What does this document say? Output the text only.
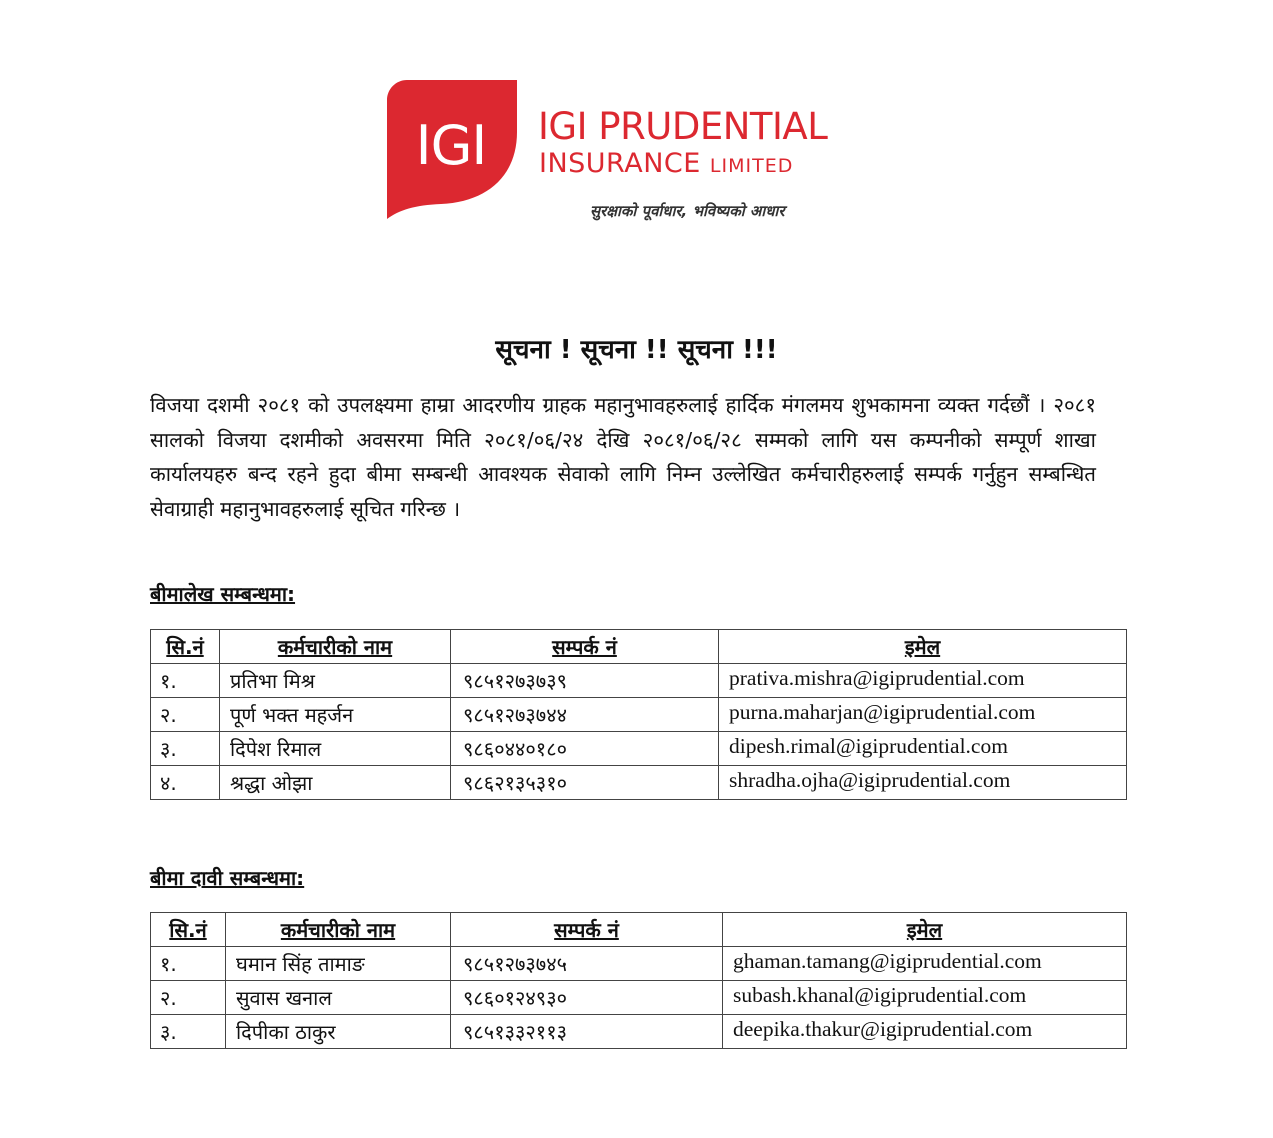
IGI IGI PRUDENTIAL
INSURANCE LIMITED
सुरक्षाको पूर्वाधार, भविष्यको आधार
सूचना ! सूचना !! सूचना !!!
विजया दशमी २०८१ को उपलक्ष्यमा हाम्रा आदरणीय ग्राहक महानुभावहरुलाई हार्दिक मंगलमय शुभकामना व्यक्त गर्दछौं । २०८१ सालको विजया दशमीको अवसरमा मिति २०८१/०६/२४ देखि २०८१/०६/२८ सम्मको लागि यस कम्पनीको सम्पूर्ण शाखा कार्यालयहरु बन्द रहने हुदा बीमा सम्बन्धी आवश्यक सेवाको लागि निम्न उल्लेखित कर्मचारीहरुलाई सम्पर्क गर्नुहुन सम्बन्धित सेवाग्राही महानुभावहरुलाई सूचित गरिन्छ ।
बीमालेख सम्बन्धमा:
सि.नं	कर्मचारीको नाम	सम्पर्क नं	इमेल
१.	प्रतिभा मिश्र	९८५१२७३७३९	prativa.mishra@igiprudential.com
२.	पूर्ण भक्त महर्जन	९८५१२७३७४४	purna.maharjan@igiprudential.com
३.	दिपेश रिमाल	९८६०४४०१८०	dipesh.rimal@igiprudential.com
४.	श्रद्धा ओझा	९८६२१३५३१०	shradha.ojha@igiprudential.com
बीमा दावी सम्बन्धमा:
सि.नं	कर्मचारीको नाम	सम्पर्क नं	इमेल
१.	घमान सिंह तामाङ	९८५१२७३७४५	ghaman.tamang@igiprudential.com
२.	सुवास खनाल	९८६०१२४९३०	subash.khanal@igiprudential.com
३.	दिपीका ठाकुर	९८५१३३२११३	deepika.thakur@igiprudential.com
